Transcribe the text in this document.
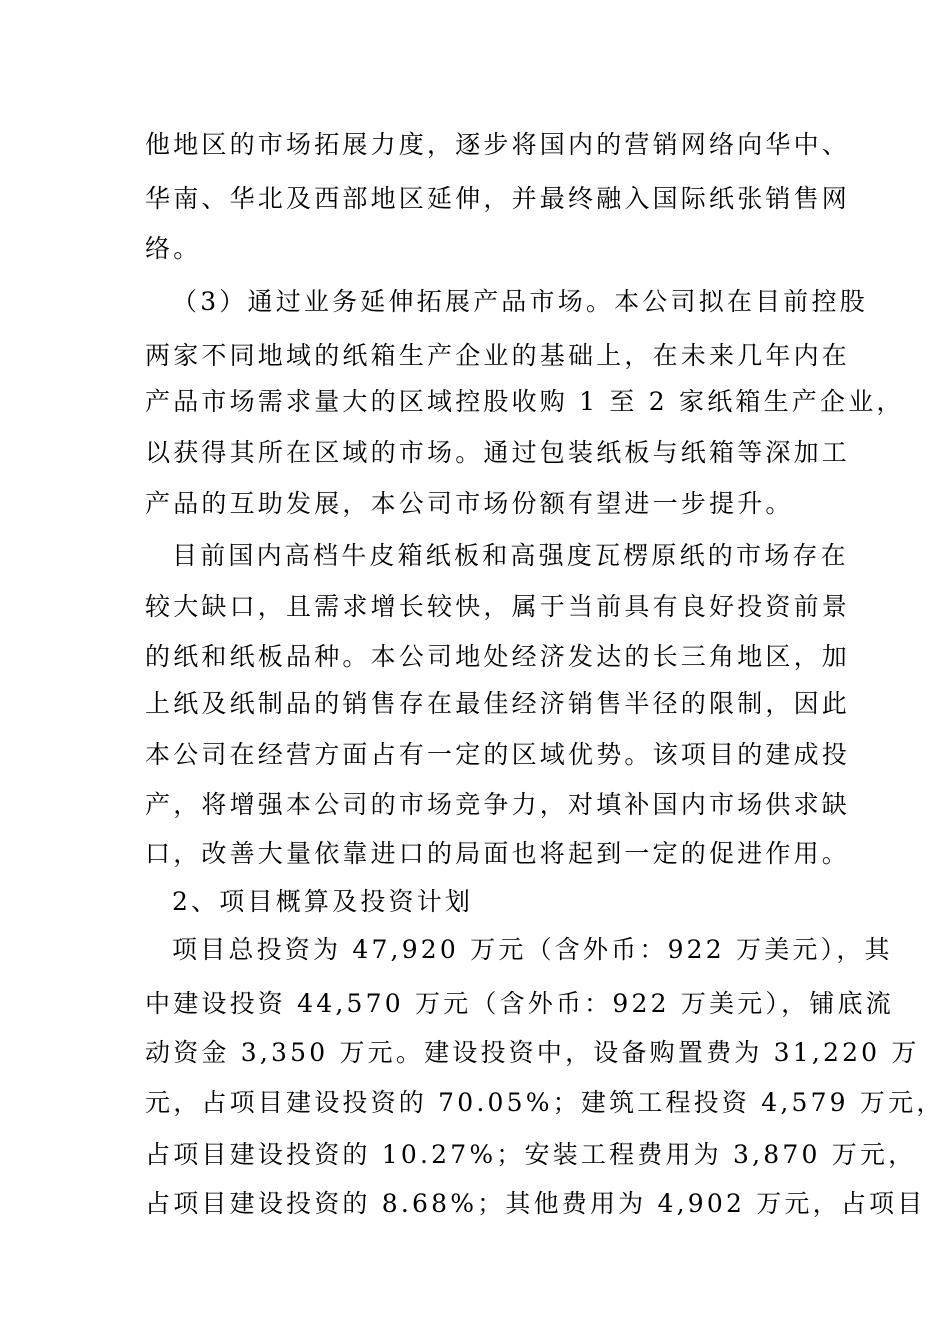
他地区的市场拓展力度，逐步将国内的营销网络向华中、
华南、华北及西部地区延伸，并最终融入国际纸张销售网
络。
（3）通过业务延伸拓展产品市场。本公司拟在目前控股
两家不同地域的纸箱生产企业的基础上，在未来几年内在
产品市场需求量大的区域控股收购 1 至 2 家纸箱生产企业，
以获得其所在区域的市场。通过包装纸板与纸箱等深加工
产品的互助发展，本公司市场份额有望进一步提升。
目前国内高档牛皮箱纸板和高强度瓦楞原纸的市场存在
较大缺口，且需求增长较快，属于当前具有良好投资前景
的纸和纸板品种。本公司地处经济发达的长三角地区，加
上纸及纸制品的销售存在最佳经济销售半径的限制，因此
本公司在经营方面占有一定的区域优势。该项目的建成投
产，将增强本公司的市场竞争力，对填补国内市场供求缺
口，改善大量依靠进口的局面也将起到一定的促进作用。
2、项目概算及投资计划
项目总投资为 47,920 万元（含外币：922 万美元），其
中建设投资 44,570 万元（含外币：922 万美元），铺底流
动资金 3,350 万元。建设投资中，设备购置费为 31,220 万
元，占项目建设投资的 70.05%；建筑工程投资 4,579 万元，
占项目建设投资的 10.27%；安装工程费用为 3,870 万元，
占项目建设投资的 8.68%；其他费用为 4,902 万元，占项目
